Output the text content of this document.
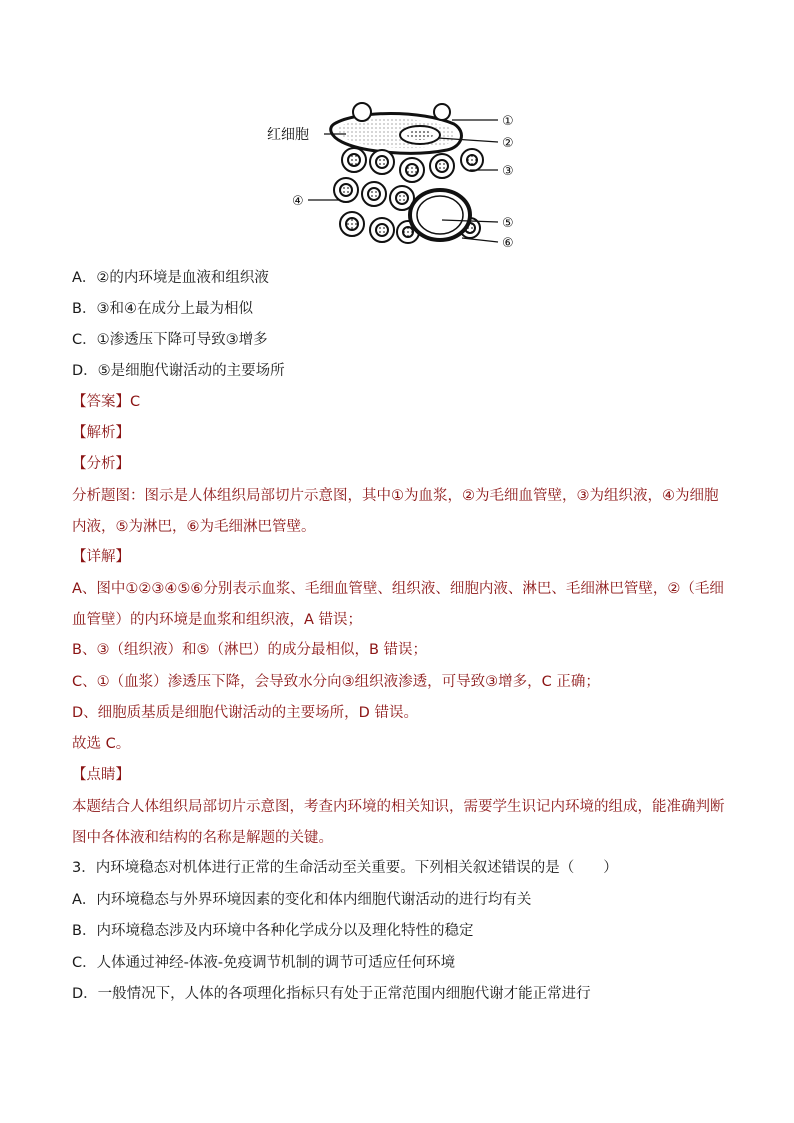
红细胞
①
②
③
④
⑤
⑥
A．②的内环境是血液和组织液
B．③和④在成分上最为相似
C．①渗透压下降可导致③增多
D．⑤是细胞代谢活动的主要场所
【答案】C
【解析】
【分析】
分析题图：图示是人体组织局部切片示意图，其中①为血浆，②为毛细血管壁，③为组织液，④为细胞内液，⑤为淋巴，⑥为毛细淋巴管壁。
【详解】
A、图中①②③④⑤⑥分别表示血浆、毛细血管壁、组织液、细胞内液、淋巴、毛细淋巴管壁，②（毛细血管壁）的内环境是血浆和组织液，A 错误；
B、③（组织液）和⑤（淋巴）的成分最相似，B 错误；
C、①（血浆）渗透压下降，会导致水分向③组织液渗透，可导致③增多，C 正确；
D、细胞质基质是细胞代谢活动的主要场所，D 错误。
故选 C。
【点睛】
本题结合人体组织局部切片示意图，考查内环境的相关知识，需要学生识记内环境的组成，能准确判断图中各体液和结构的名称是解题的关键。
3．内环境稳态对机体进行正常的生命活动至关重要。下列相关叙述错误的是（　　）
A．内环境稳态与外界环境因素的变化和体内细胞代谢活动的进行均有关
B．内环境稳态涉及内环境中各种化学成分以及理化特性的稳定
C．人体通过神经-体液-免疫调节机制的调节可适应任何环境
D．一般情况下，人体的各项理化指标只有处于正常范围内细胞代谢才能正常进行
